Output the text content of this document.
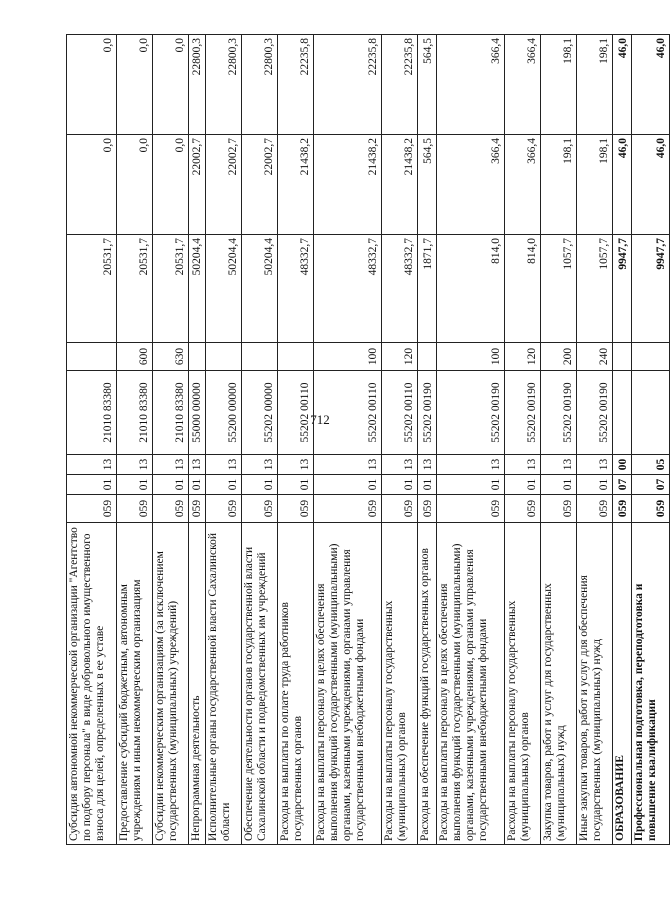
712
Субсидия автономной некоммерческой организации "Агентство по подбору персонала" в виде добровольного имущественного взноса для целей, определенных в ее уставе	059	01	13	21010 83380		20531,7	0,0	0,0
Предоставление субсидий бюджетным, автономным учреждениям и иным некоммерческим организациям	059	01	13	21010 83380	600	20531,7	0,0	0,0
Субсидии некоммерческим организациям (за исключением государственных (муниципальных) учреждений)	059	01	13	21010 83380	630	20531,7	0,0	0,0
Непрограммная деятельность	059	01	13	55000 00000		50204,4	22002,7	22800,3
Исполнительные органы государственной власти Сахалинской области	059	01	13	55200 00000		50204,4	22002,7	22800,3
Обеспечение деятельности органов государственной власти Сахалинской области и подведомственных им учреждений	059	01	13	55202 00000		50204,4	22002,7	22800,3
Расходы на выплаты по оплате труда работников государственных органов	059	01	13	55202 00110		48332,7	21438,2	22235,8
Расходы на выплаты персоналу в целях обеспечения выполнения функций государственными (муниципальными) органами, казенными учреждениями, органами управления государственными внебюджетными фондами	059	01	13	55202 00110	100	48332,7	21438,2	22235,8
Расходы на выплаты персоналу государственных (муниципальных) органов	059	01	13	55202 00110	120	48332,7	21438,2	22235,8
Расходы на обеспечение функций государственных органов	059	01	13	55202 00190		1871,7	564,5	564,5
Расходы на выплаты персоналу в целях обеспечения выполнения функций государственными (муниципальными) органами, казенными учреждениями, органами управления государственными внебюджетными фондами	059	01	13	55202 00190	100	814,0	366,4	366,4
Расходы на выплаты персоналу государственных (муниципальных) органов	059	01	13	55202 00190	120	814,0	366,4	366,4
Закупка товаров, работ и услуг для государственных (муниципальных) нужд	059	01	13	55202 00190	200	1057,7	198,1	198,1
Иные закупки товаров, работ и услуг для обеспечения государственных (муниципальных) нужд	059	01	13	55202 00190	240	1057,7	198,1	198,1
ОБРАЗОВАНИЕ	059	07	00			9947,7	46,0	46,0
Профессиональная подготовка, переподготовка и повышение квалификации	059	07	05			9947,7	46,0	46,0
